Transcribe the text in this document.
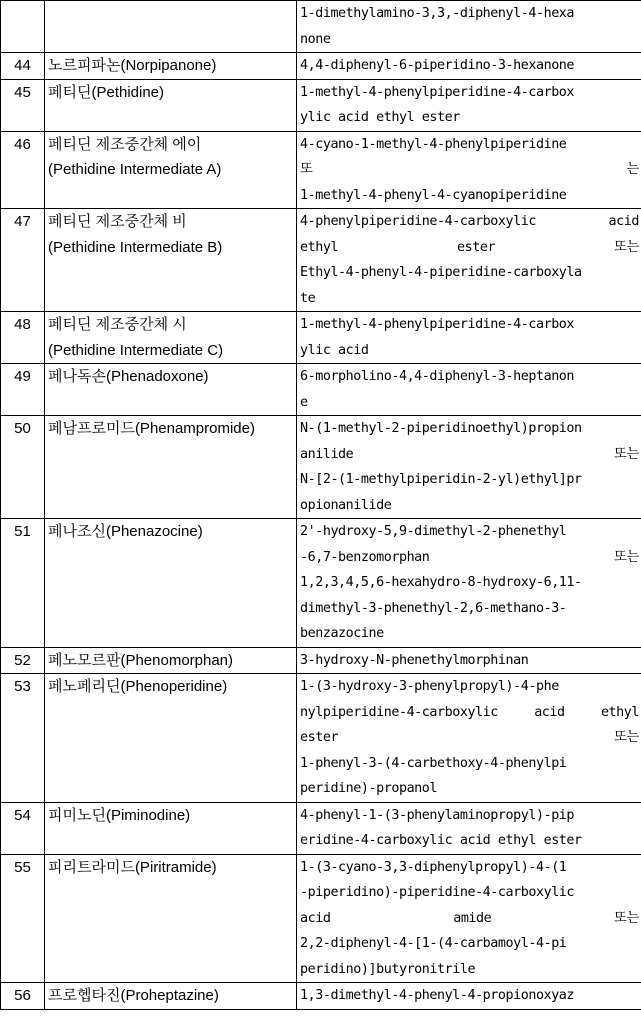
		1-dimethylamino-3,3,-diphenyl-4-hexa
none

44	노르피파논(Norpipanone)	4,4-diphenyl-6-piperidino-3-hexanone

45	페티딘(Pethidine)	1-methyl-4-phenylpiperidine-4-carbox
ylic acid ethyl ester

46	페티딘 제조중간체 에이
(Pethidine Intermediate A)	4-cyano-1-methyl-4-phenylpiperidine
또 는
1-methyl-4-phenyl-4-cyanopiperidine

47	페티딘 제조중간체 비
(Pethidine Intermediate B)	4-phenylpiperidine-4-carboxylic acid
ethyl ester 또는
Ethyl-4-phenyl-4-piperidine-carboxyla
te

48	페티딘 제조중간체 시
(Pethidine Intermediate C)	1-methyl-4-phenylpiperidine-4-carbox
ylic acid

49	페나독손(Phenadoxone)	6-morpholino-4,4-diphenyl-3-heptanon
e

50	페남프로미드(Phenampromide)	N-(1-methyl-2-piperidinoethyl)propion
anilide 또는
N-[2-(1-methylpiperidin-2-yl)ethyl]pr
opionanilide

51	페나조신(Phenazocine)	2'-hydroxy-5,9-dimethyl-2-phenethyl
-6,7-benzomorphan 또는
1,2,3,4,5,6-hexahydro-8-hydroxy-6,11-
dimethyl-3-phenethyl-2,6-methano-3-
benzazocine

52	페노모르판(Phenomorphan)	3-hydroxy-N-phenethylmorphinan

53	페노페리딘(Phenoperidine)	1-(3-hydroxy-3-phenylpropyl)-4-phe
nylpiperidine-4-carboxylic acid ethyl
ester 또는
1-phenyl-3-(4-carbethoxy-4-phenylpi
peridine)-propanol

54	피미노딘(Piminodine)	4-phenyl-1-(3-phenylaminopropyl)-pip
eridine-4-carboxylic acid ethyl ester

55	피리트라미드(Piritramide)	1-(3-cyano-3,3-diphenylpropyl)-4-(1
-piperidino)-piperidine-4-carboxylic
acid amide 또는
2,2-diphenyl-4-[1-(4-carbamoyl-4-pi
peridino)]butyronitrile

56	프로헵타진(Proheptazine)	1,3-dimethyl-4-phenyl-4-propionoxyaz
